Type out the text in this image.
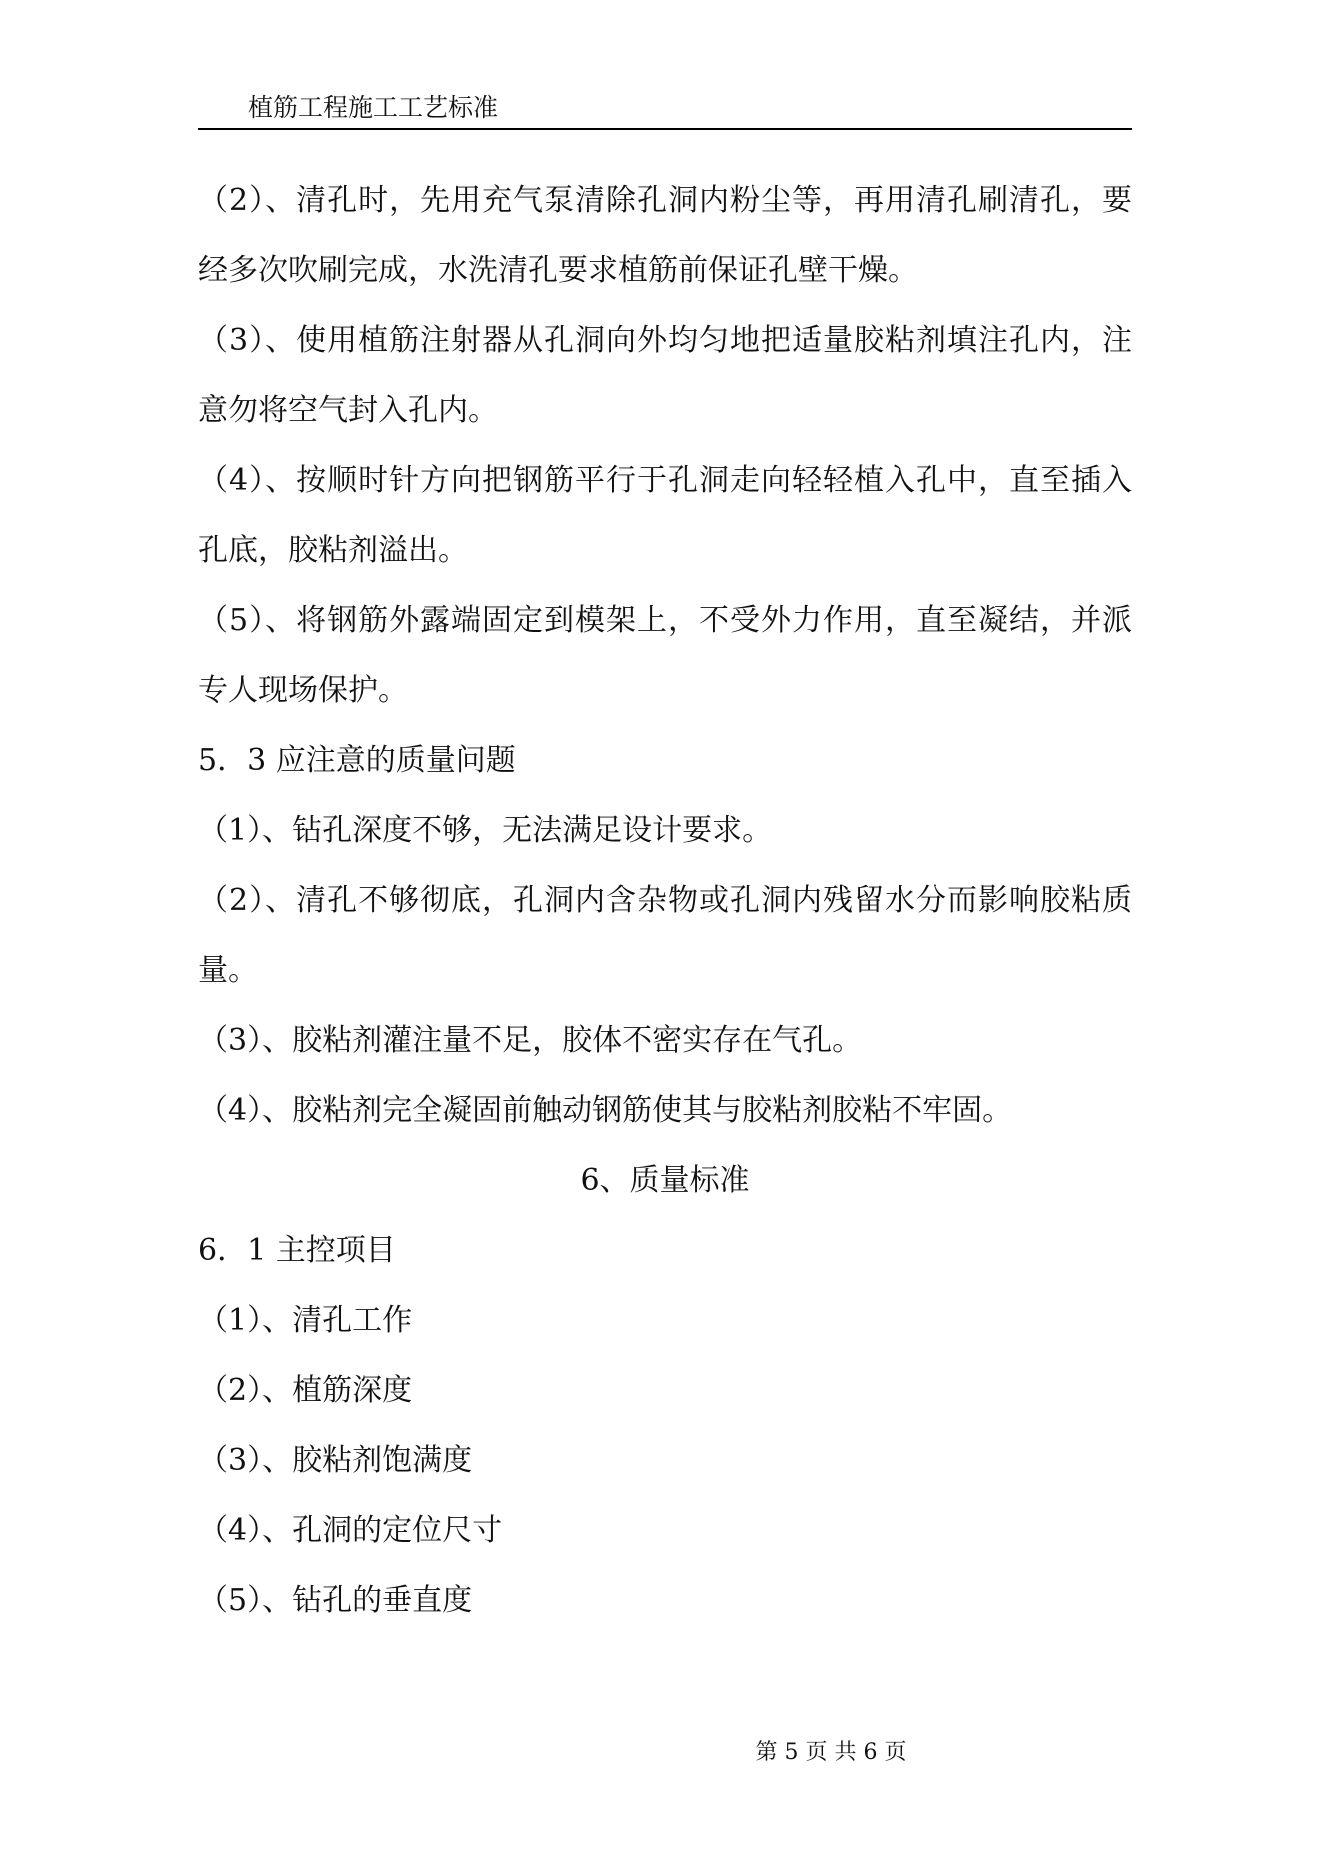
植筋工程施工工艺标准
（2）、清孔时，先用充气泵清除孔洞内粉尘等，再用清孔刷清孔，要经多次吹刷完成，水洗清孔要求植筋前保证孔壁干燥。
（3）、使用植筋注射器从孔洞向外均匀地把适量胶粘剂填注孔内，注意勿将空气封入孔内。
（4）、按顺时针方向把钢筋平行于孔洞走向轻轻植入孔中，直至插入孔底，胶粘剂溢出。
（5）、将钢筋外露端固定到模架上，不受外力作用，直至凝结，并派专人现场保护。
5．3 应注意的质量问题
（1）、钻孔深度不够，无法满足设计要求。
（2）、清孔不够彻底，孔洞内含杂物或孔洞内残留水分而影响胶粘质量。
（3）、胶粘剂灌注量不足，胶体不密实存在气孔。
（4）、胶粘剂完全凝固前触动钢筋使其与胶粘剂胶粘不牢固。
6、质量标准
6．1 主控项目
（1）、清孔工作
（2）、植筋深度
（3）、胶粘剂饱满度
（4）、孔洞的定位尺寸
（5）、钻孔的垂直度
第 5 页 共 6 页
